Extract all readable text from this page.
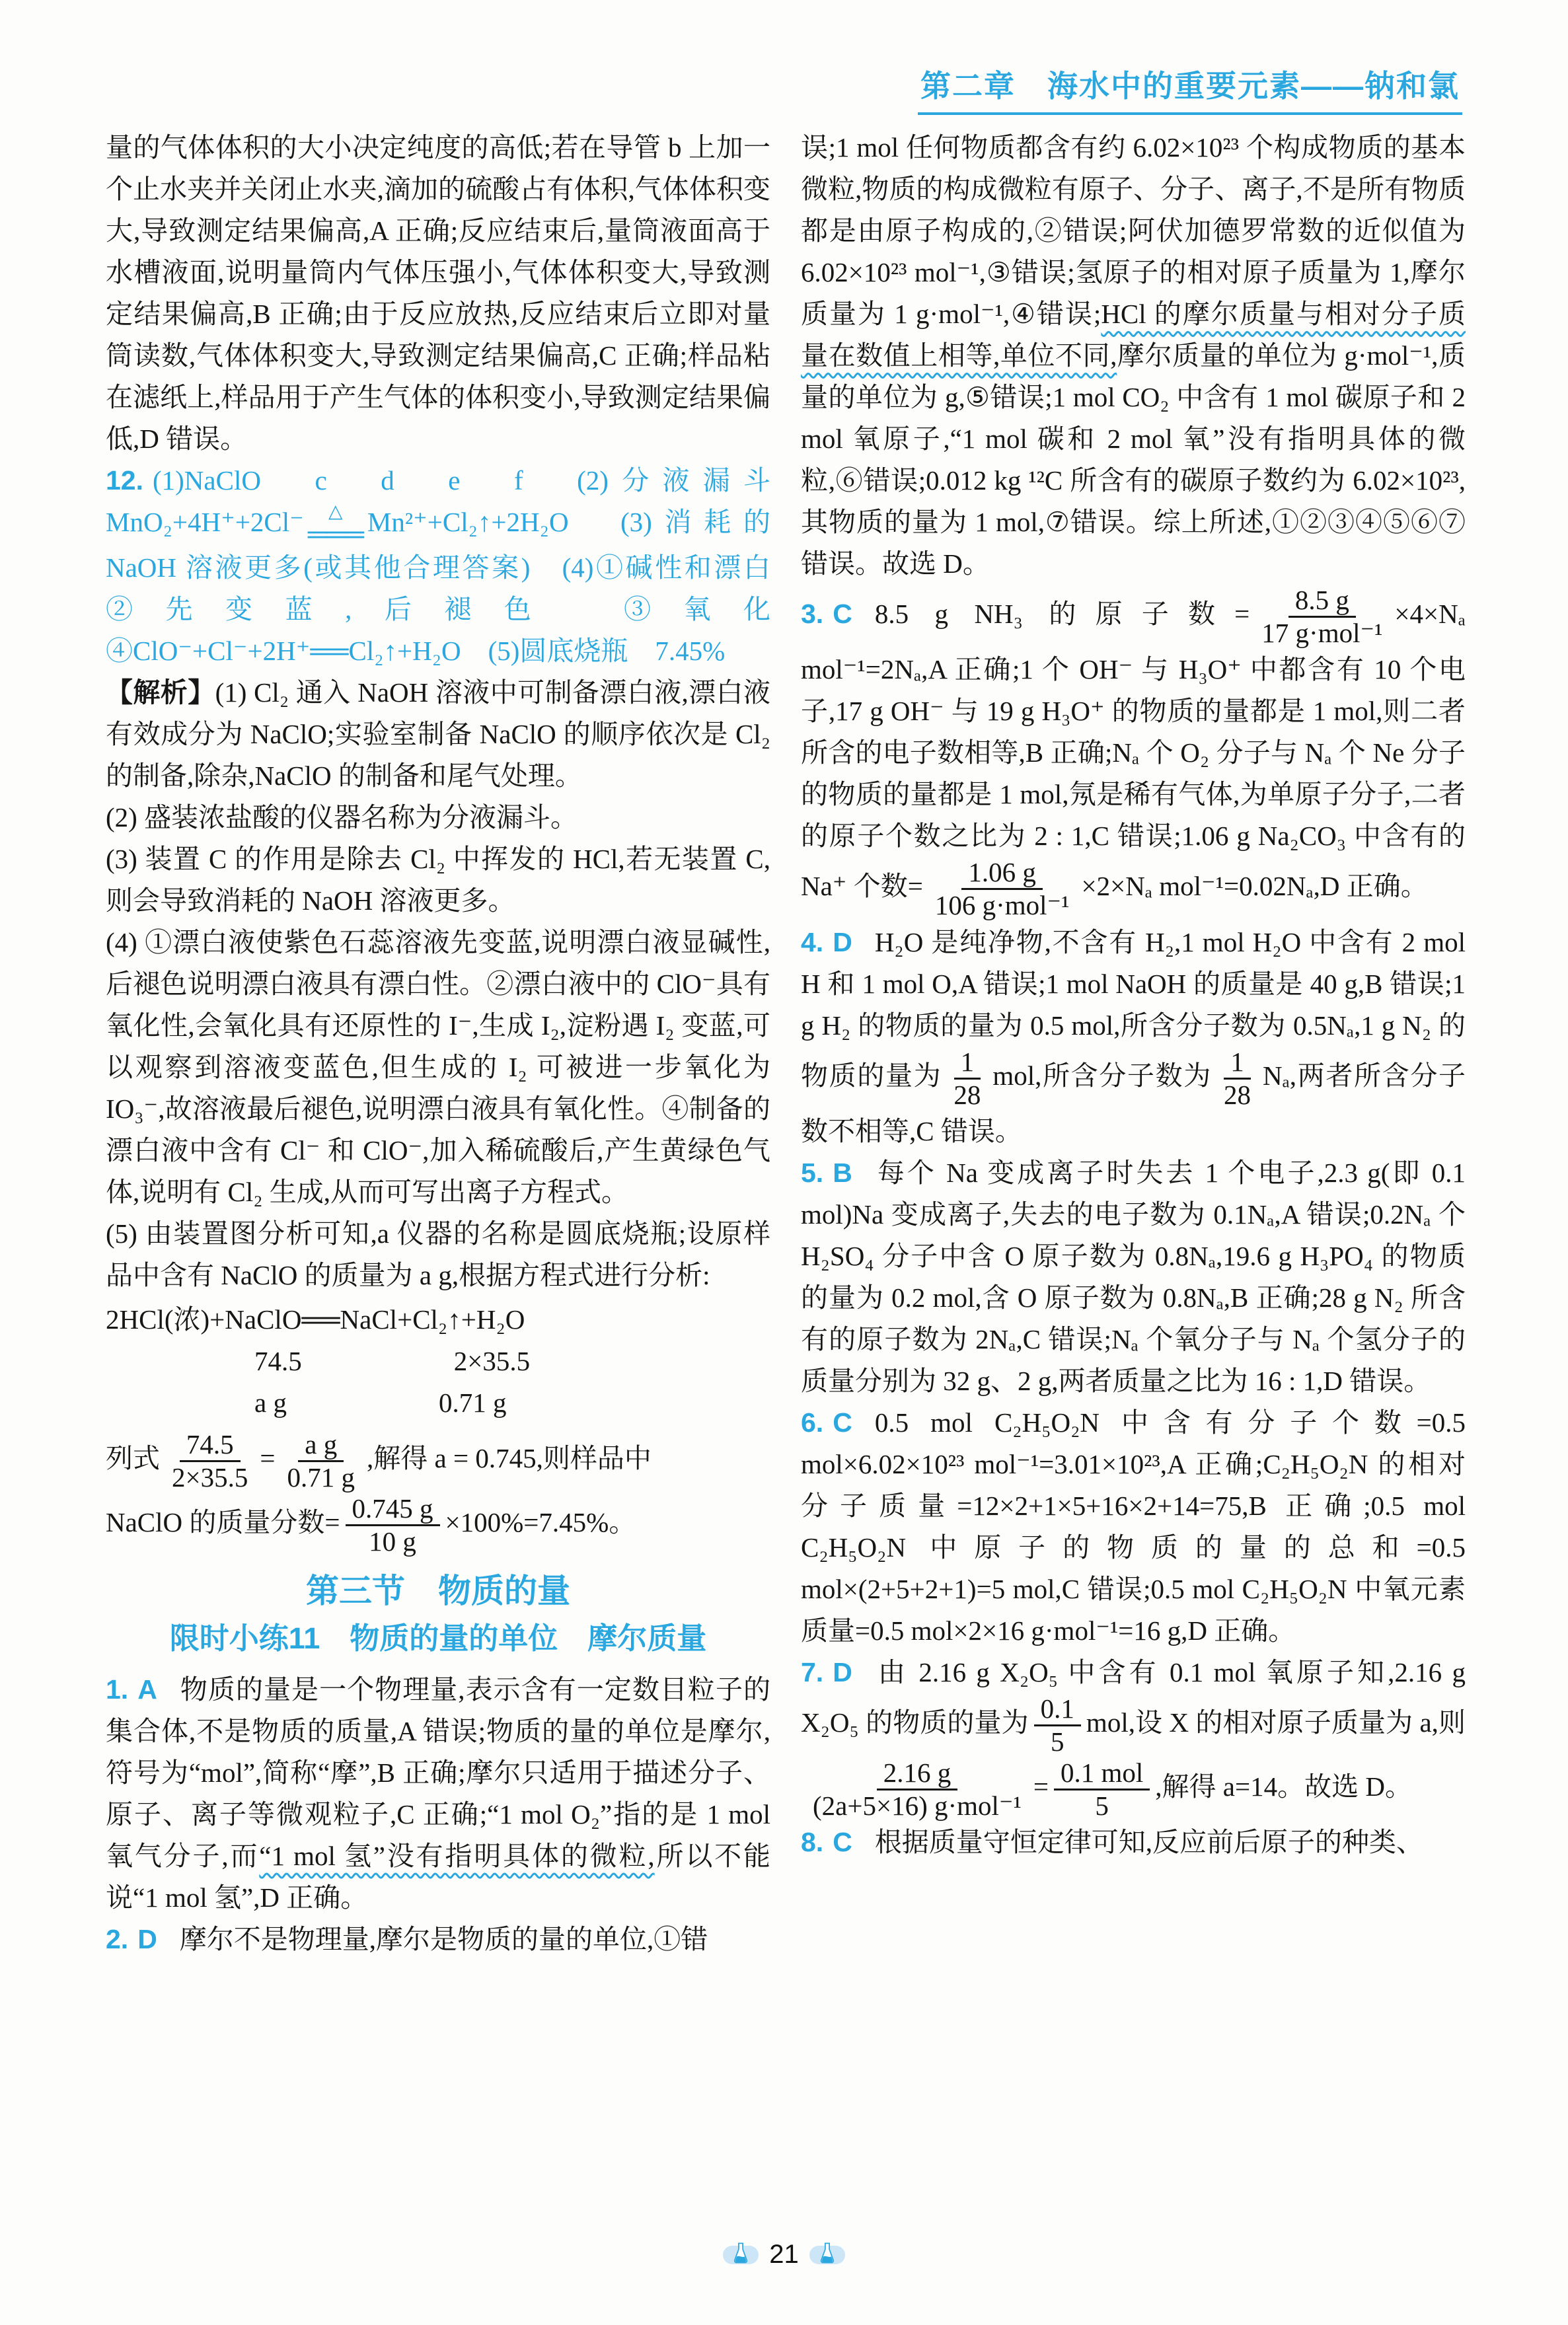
第二章　海水中的重要元素——钠和氯

量的气体体积的大小决定纯度的高低;若在导管 b 上加一个止水夹并关闭止水夹,滴加的硫酸占有体积,气体体积变大,导致测定结果偏高,A 正确;反应结束后,量筒液面高于水槽液面,说明量筒内气体压强小,气体体积变大,导致测定结果偏高,B 正确;由于反应放热,反应结束后立即对量筒读数,气体体积变大,导致测定结果偏高,C 正确;样品粘在滤纸上,样品用于产生气体的体积变小,导致测定结果偏低,D 错误。

12. (1)NaClO　c　d　e　f　(2)分液漏斗　MnO₂+4H⁺+2Cl⁻ △
═══ Mn²⁺+Cl₂↑+2H₂O　(3)消耗的 NaOH 溶液更多(或其他合理答案)　(4)①碱性和漂白　②先变蓝,后褪色　③氧化　④ClO⁻+Cl⁻+2H⁺══Cl₂↑+H₂O　(5)圆底烧瓶　7.45%

【解析】(1) Cl₂ 通入 NaOH 溶液中可制备漂白液,漂白液有效成分为 NaClO;实验室制备 NaClO 的顺序依次是 Cl₂ 的制备,除杂,NaClO 的制备和尾气处理。

(2) 盛装浓盐酸的仪器名称为分液漏斗。

(3) 装置 C 的作用是除去 Cl₂ 中挥发的 HCl,若无装置 C,则会导致消耗的 NaOH 溶液更多。

(4) ①漂白液使紫色石蕊溶液先变蓝,说明漂白液显碱性,后褪色说明漂白液具有漂白性。②漂白液中的 ClO⁻具有氧化性,会氧化具有还原性的 I⁻,生成 I₂,淀粉遇 I₂ 变蓝,可以观察到溶液变蓝色,但生成的 I₂ 可被进一步氧化为 IO₃⁻,故溶液最后褪色,说明漂白液具有氧化性。④制备的漂白液中含有 Cl⁻ 和 ClO⁻,加入稀硫酸后,产生黄绿色气体,说明有 Cl₂ 生成,从而可写出离子方程式。

(5) 由装置图分析可知,a 仪器的名称是圆底烧瓶;设原样品中含有 NaClO 的质量为 a g,根据方程式进行分析:

2HCl(浓)+NaClO══NaCl+Cl₂↑+H₂O
74.5	2×35.5
a g	0.71 g

列式 $\frac{74.5}{2\times 35.5} = \frac{\text{a g}}{0.71 g}$ ,解得 a = 0.745,则样品中

NaClO 的质量分数= $\frac{0.745 g}{10 g} \times 100\%=7.45\%$。

第三节　物质的量
限时小练11　物质的量的单位　摩尔质量

1. A 物质的量是一个物理量,表示含有一定数目粒子的集合体,不是物质的质量,A 错误;物质的量的单位是摩尔,符号为“mol”,简称“摩”,B 正确;摩尔只适用于描述分子、原子、离子等微观粒子,C 正确;“1 mol O₂”指的是 1 mol 氧气分子,而“1 mol 氢”没有指明具体的微粒,所以不能说“1 mol 氢”,D 正确。

2. D 摩尔不是物理量,摩尔是物质的量的单位,①错

误;1 mol 任何物质都含有约 6.02×10²³ 个构成物质的基本微粒,物质的构成微粒有原子、分子、离子,不是所有物质都是由原子构成的,②错误;阿伏加德罗常数的近似值为 6.02×10²³ mol⁻¹,③错误;氢原子的相对原子质量为 1,摩尔质量为 1 g·mol⁻¹,④错误;HCl 的摩尔质量与相对分子质量在数值上相等,单位不同,摩尔质量的单位为 g·mol⁻¹,质量的单位为 g,⑤错误;1 mol CO₂ 中含有 1 mol 碳原子和 2 mol 氧原子,“1 mol 碳和 2 mol 氧”没有指明具体的微粒,⑥错误;0.012 kg ¹²C 所含有的碳原子数约为 6.02×10²³,其物质的量为 1 mol,⑦错误。综上所述,①②③④⑤⑥⑦错误。故选 D。

3. C 8.5 g NH₃ 的原子数= $\frac{8.5 g}{\text{17 g·mol⁻¹}} \times 4\times N_a$ mol⁻¹=2Nₐ,A 正确;1 个 OH⁻ 与 H₃O⁺ 中都含有 10 个电子,17 g OH⁻ 与 19 g H₃O⁺ 的物质的量都是 1 mol,则二者所含的电子数相等,B 正确;Nₐ 个 O₂ 分子与 Nₐ 个 Ne 分子的物质的量都是 1 mol,氖是稀有气体,为单原子分子,二者的原子个数之比为 2 : 1,C 错误;1.06 g Na₂CO₃ 中含有的 Na⁺ 个数= $\frac{1.06 g}{\text{106 g·mol⁻¹}} \times 2\times N_a$ mol⁻¹=0.02Nₐ,D 正确。

4. D H₂O 是纯净物,不含有 H₂,1 mol H₂O 中含有 2 mol H 和 1 mol O,A 错误;1 mol NaOH 的质量是 40 g,B 错误;1 g H₂ 的物质的量为 0.5 mol,所含分子数为 0.5Nₐ,1 g N₂ 的物质的量为 $\frac{1}{28}$ mol,所含分子数为 $\frac{1}{28} N_a$,两者所含分子数不相等,C 错误。

5. B 每个 Na 变成离子时失去 1 个电子,2.3 g(即 0.1 mol)Na 变成离子,失去的电子数为 0.1Nₐ,A 错误;0.2Nₐ 个 H₂SO₄ 分子中含 O 原子数为 0.8Nₐ,19.6 g H₃PO₄ 的物质的量为 0.2 mol,含 O 原子数为 0.8Nₐ,B 正确;28 g N₂ 所含有的原子数为 2Nₐ,C 错误;Nₐ 个氧分子与 Nₐ 个氢分子的质量分别为 32 g、2 g,两者质量之比为 16 : 1,D 错误。

6. C 0.5 mol C₂H₅O₂N 中含有分子个数=0.5 mol×6.02×10²³ mol⁻¹=3.01×10²³,A 正确;C₂H₅O₂N 的相对分子质量=12×2+1×5+16×2+14=75,B 正确;0.5 mol C₂H₅O₂N 中原子的物质的量的总和=0.5 mol×(2+5+2+1)=5 mol,C 错误;0.5 mol C₂H₅O₂N 中氧元素质量=0.5 mol×2×16 g·mol⁻¹=16 g,D 正确。

7. D 由 2.16 g X₂O₅ 中含有 0.1 mol 氧原子知,2.16 g X₂O₅ 的物质的量为 $\frac{0.1}{5}$ mol,设 X 的相对原子质量为 a,则
$\frac{2.16 g}{\text{(2a+5×16) g·mol⁻¹}} = \frac{\text{0.1 mol}}{5}$ ,解得 a=14。故选 D。

8. C 根据质量守恒定律可知,反应前后原子的种类、

21
